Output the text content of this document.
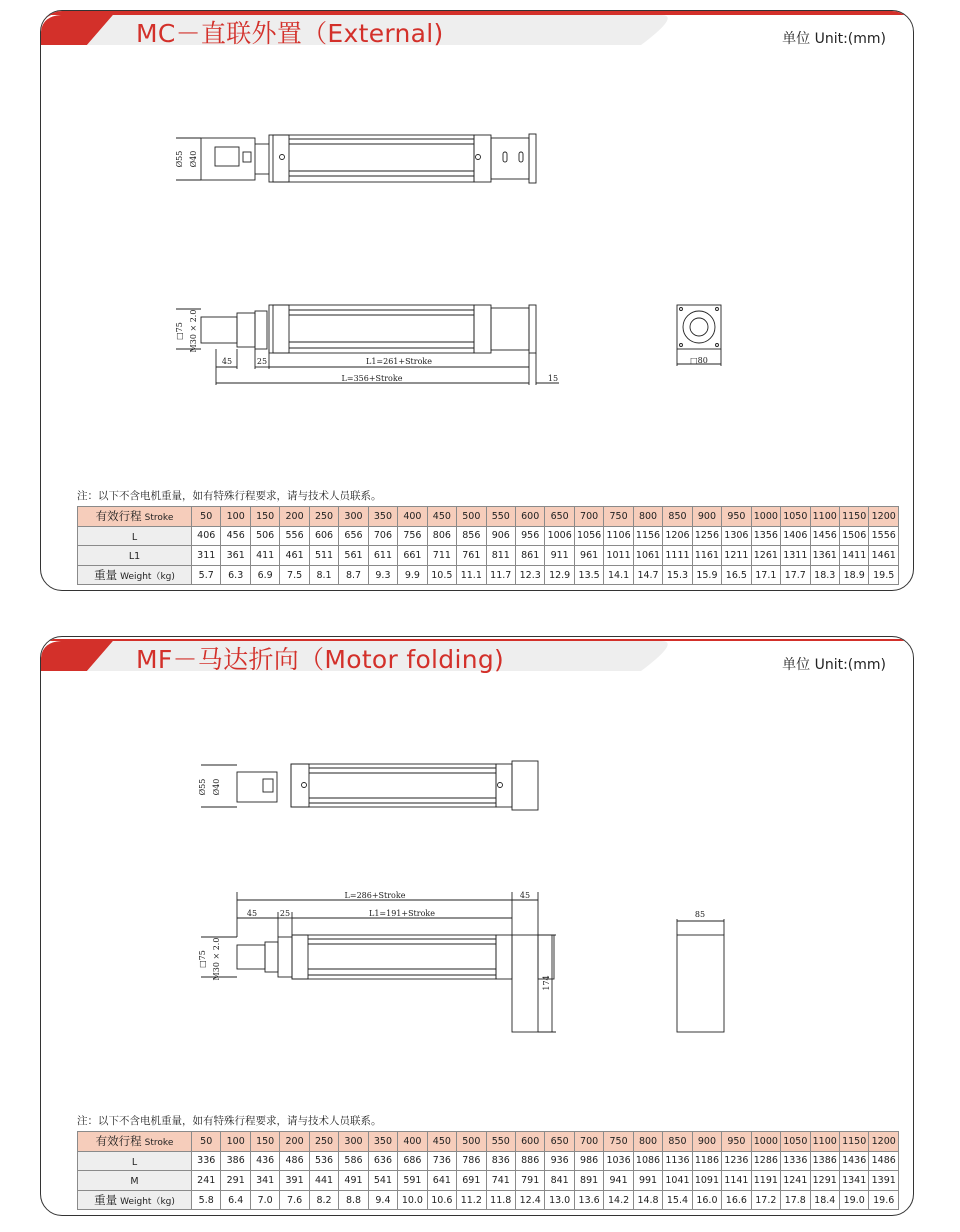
MC－直联外置（External)	单位 Unit:(mm)
Ø55 Ø40
□75 M30 × 2.0
45	25	L1=261+Stroke
L=356+Stroke	15
□80
注：以下不含电机重量，如有特殊行程要求，请与技术人员联系。
有效行程 Stroke	50	100	150	200	250	300	350	400	450	500	550	600	650	700	750	800	850	900	950	1000	1050	1100	1150	1200
L	406	456	506	556	606	656	706	756	806	856	906	956	1006	1056	1106	1156	1206	1256	1306	1356	1406	1456	1506	1556
L1	311	361	411	461	511	561	611	661	711	761	811	861	911	961	1011	1061	1111	1161	1211	1261	1311	1361	1411	1461
重量 Weight（kg)	5.7	6.3	6.9	7.5	8.1	8.7	9.3	9.9	10.5	11.1	11.7	12.3	12.9	13.5	14.1	14.7	15.3	15.9	16.5	17.1	17.7	18.3	18.9	19.5
MF－马达折向（Motor folding)	单位 Unit:(mm)
Ø55 Ø40
□75 M30 × 2.0
L=286+Stroke	45
45	25	L1=191+Stroke
174
85
注：以下不含电机重量，如有特殊行程要求，请与技术人员联系。
有效行程 Stroke	50	100	150	200	250	300	350	400	450	500	550	600	650	700	750	800	850	900	950	1000	1050	1100	1150	1200
L	336	386	436	486	536	586	636	686	736	786	836	886	936	986	1036	1086	1136	1186	1236	1286	1336	1386	1436	1486
M	241	291	341	391	441	491	541	591	641	691	741	791	841	891	941	991	1041	1091	1141	1191	1241	1291	1341	1391
重量 Weight（kg)	5.8	6.4	7.0	7.6	8.2	8.8	9.4	10.0	10.6	11.2	11.8	12.4	13.0	13.6	14.2	14.8	15.4	16.0	16.6	17.2	17.8	18.4	19.0	19.6
